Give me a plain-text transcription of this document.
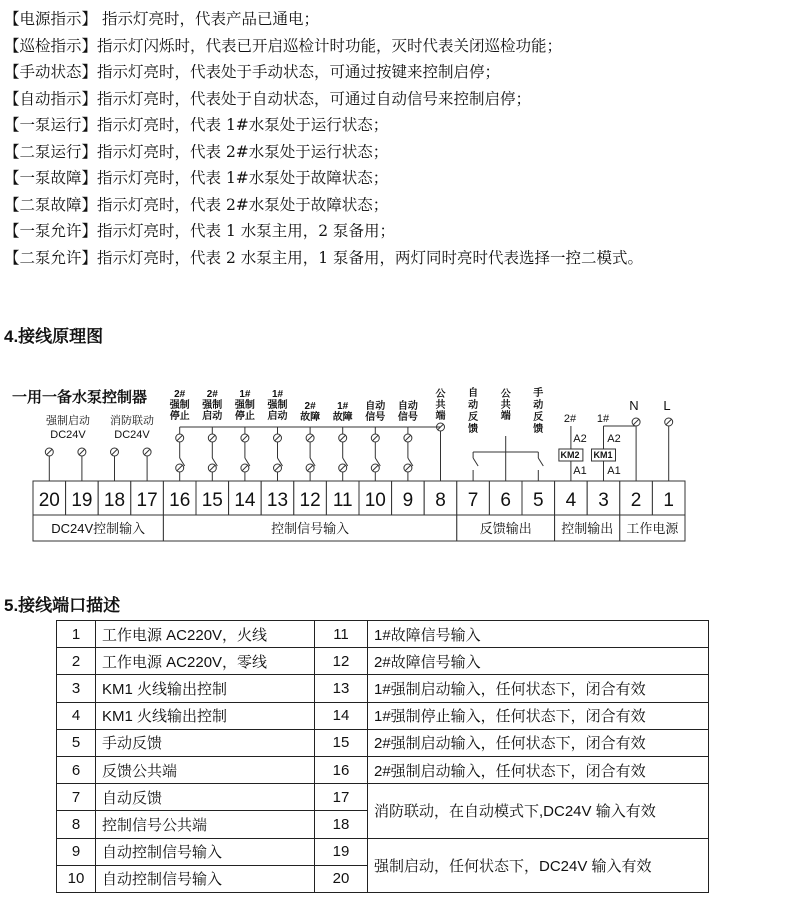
【电源指示】 指示灯亮时，代表产品已通电；
【巡检指示】指示灯闪烁时，代表已开启巡检计时功能，灭时代表关闭巡检功能；
【手动状态】指示灯亮时，代表处于手动状态，可通过按键来控制启停；
【自动指示】指示灯亮时，代表处于自动状态，可通过自动信号来控制启停；
【一泵运行】指示灯亮时，代表 1#水泵处于运行状态；
【二泵运行】指示灯亮时，代表 2#水泵处于运行状态；
【一泵故障】指示灯亮时，代表 1#水泵处于故障状态；
【二泵故障】指示灯亮时，代表 2#水泵处于故障状态；
【一泵允许】指示灯亮时，代表 1 水泵主用，2 泵备用；
【二泵允许】指示灯亮时，代表 2 水泵主用，1 泵备用，两灯同时亮时代表选择一控二模式。
4.接线原理图
一用一备水泵控制器
强制启动
DC24V
消防联动
DC24V
2#
强制
停止
2#
强制
启动
1#
强制
停止
1#
强制
启动
2#
故障
1#
故障
自动
信号
自动
信号
公
共
端
自
动
反
馈
公
共
端
手
动
反
馈
2# 1#
N L
A2 A2
KM2 KM1
A1 A1
20 19 18 17 16 15 14 13 12 11 10 9 8 7 6 5 4 3 2 1
DC24V控制输入	控制信号输入	反馈输出 控制输出 工作电源
5.接线端口描述
1	工作电源 AC220V，火线	11	1#故障信号输入
2	工作电源 AC220V，零线	12	2#故障信号输入
3	KM1 火线输出控制	13	1#强制启动输入，任何状态下，闭合有效
4	KM1 火线输出控制	14	1#强制停止输入，任何状态下，闭合有效
5	手动反馈	15	2#强制启动输入，任何状态下，闭合有效
6	反馈公共端	16	2#强制启动输入，任何状态下，闭合有效
7	自动反馈	17	消防联动，在自动模式下,DC24V 输入有效
8	控制信号公共端	18	
9	自动控制信号输入	19	强制启动，任何状态下，DC24V 输入有效
10	自动控制信号输入	20	
